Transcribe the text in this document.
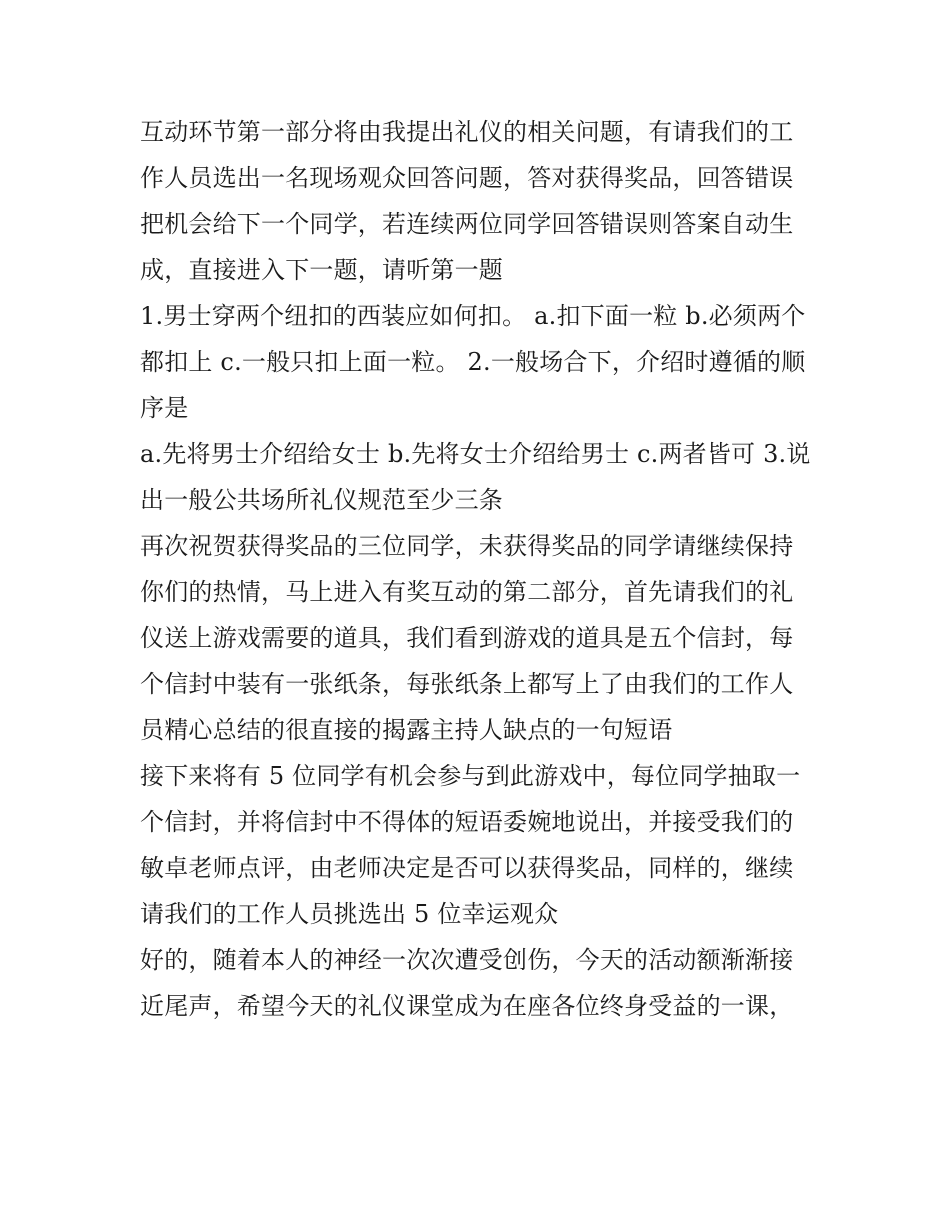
互动环节第一部分将由我提出礼仪的相关问题，有请我们的工
作人员选出一名现场观众回答问题，答对获得奖品，回答错误
把机会给下一个同学，若连续两位同学回答错误则答案自动生
成，直接进入下一题，请听第一题
1.男士穿两个纽扣的西装应如何扣。 a.扣下面一粒 b.必须两个
都扣上 c.一般只扣上面一粒。 2.一般场合下，介绍时遵循的顺
序是
a.先将男士介绍给女士 b.先将女士介绍给男士 c.两者皆可 3.说
出一般公共场所礼仪规范至少三条
再次祝贺获得奖品的三位同学，未获得奖品的同学请继续保持
你们的热情，马上进入有奖互动的第二部分，首先请我们的礼
仪送上游戏需要的道具，我们看到游戏的道具是五个信封，每
个信封中装有一张纸条，每张纸条上都写上了由我们的工作人
员精心总结的很直接的揭露主持人缺点的一句短语
接下来将有 5 位同学有机会参与到此游戏中，每位同学抽取一
个信封，并将信封中不得体的短语委婉地说出，并接受我们的
敏卓老师点评，由老师决定是否可以获得奖品，同样的，继续
请我们的工作人员挑选出 5 位幸运观众
好的，随着本人的神经一次次遭受创伤，今天的活动额渐渐接
近尾声，希望今天的礼仪课堂成为在座各位终身受益的一课，
